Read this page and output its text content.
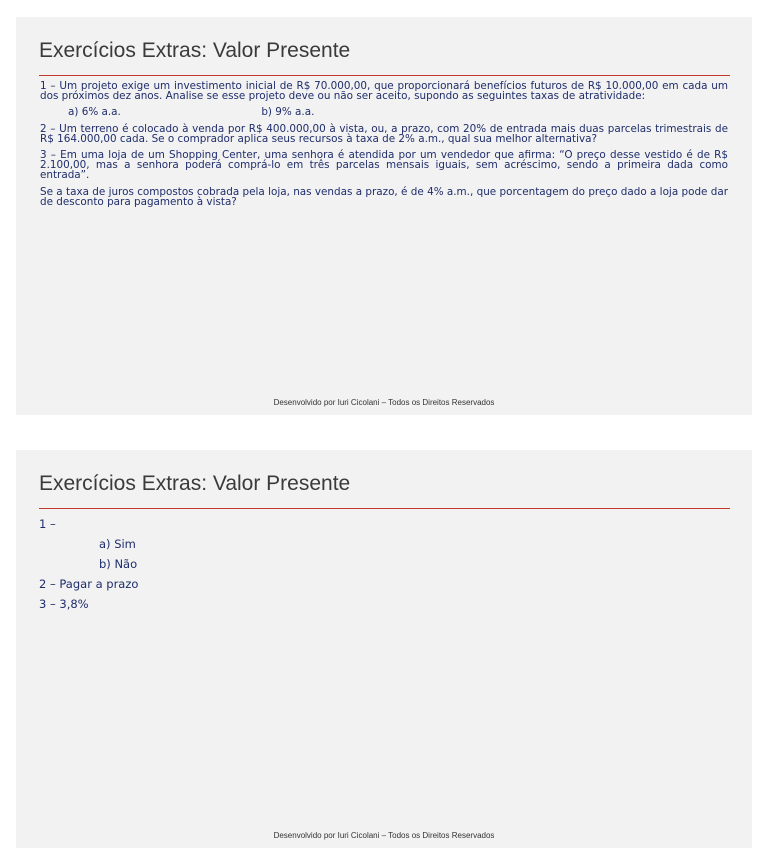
Exercícios Extras: Valor Presente

1 – Um projeto exige um investimento inicial de R$ 70.000,00, que proporcionará benefícios futuros de R$ 10.000,00 em cada um dos próximos dez anos. Analise se esse projeto deve ou não ser aceito, supondo as seguintes taxas de atratividade:

a) 6% a.a.	b) 9% a.a.

2 – Um terreno é colocado à venda por R$ 400.000,00 à vista, ou, a prazo, com 20% de entrada mais duas parcelas trimestrais de R$ 164.000,00 cada. Se o comprador aplica seus recursos à taxa de 2% a.m., qual sua melhor alternativa?

3 – Em uma loja de um Shopping Center, uma senhora é atendida por um vendedor que afirma: “O preço desse vestido é de R$ 2.100,00, mas a senhora poderá comprá-lo em três parcelas mensais iguais, sem acréscimo, sendo a primeira dada como entrada”.

Se a taxa de juros compostos cobrada pela loja, nas vendas a prazo, é de 4% a.m., que porcentagem do preço dado a loja pode dar de desconto para pagamento à vista?

Desenvolvido por Iuri Cicolani – Todos os Direitos Reservados
Exercícios Extras: Valor Presente

1 –

a) Sim

b) Não

2 – Pagar a prazo

3 – 3,8%

Desenvolvido por Iuri Cicolani – Todos os Direitos Reservados
